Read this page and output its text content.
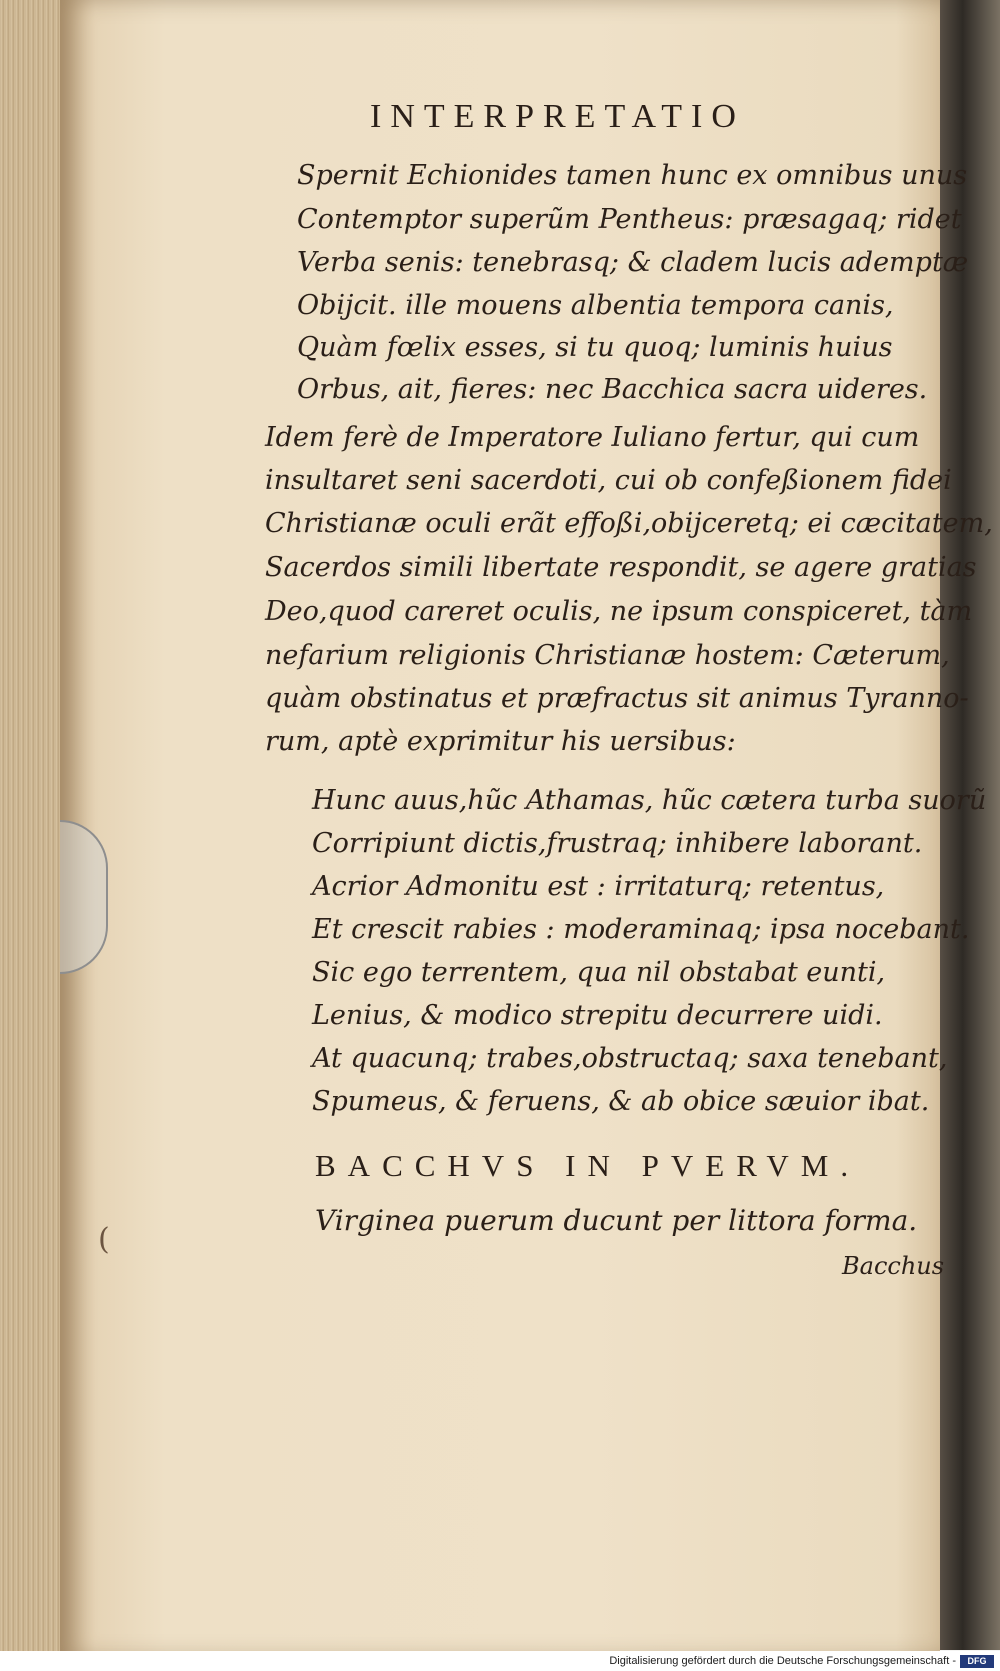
INTERPRETATIO
Spernit Echionides tamen hunc ex omnibus unus
Contemptor superũm Pentheus: præsagaq; ridet
Verba senis: tenebrasq; & cladem lucis ademptæ
Obijcit. ille mouens albentia tempora canis,
Quàm fœlix esses, si tu quoq; luminis huius
Orbus, ait, fieres: nec Bacchica sacra uideres.
Idem ferè de Imperatore Iuliano fertur, qui cum
insultaret seni sacerdoti, cui ob confeßionem fidei
Christianæ oculi erãt effoßi,obijceretq; ei cæcitatem,
Sacerdos simili libertate respondit, se agere gratias
Deo,quod careret oculis, ne ipsum conspiceret, tàm
nefarium religionis Christianæ hostem: Cæterum,
quàm obstinatus et præfractus sit animus Tyranno-
rum, aptè exprimitur his uersibus:
Hunc auus,hũc Athamas, hũc cætera turba suorũ
Corripiunt dictis,frustraq; inhibere laborant.
Acrior Admonitu est : irritaturq; retentus,
Et crescit rabies : moderaminaq; ipsa nocebant.
Sic ego terrentem, qua nil obstabat eunti,
Lenius, & modico strepitu decurrere uidi.
At quacunq; trabes,obstructaq; saxa tenebant,
Spumeus, & feruens, & ab obice sæuior ibat.
BACCHVS IN PVERVM.
Virginea puerum ducunt per littora forma.
Bacchus
(
Digitalisierung gefördert durch die Deutsche Forschungsgemeinschaft -	DFG
